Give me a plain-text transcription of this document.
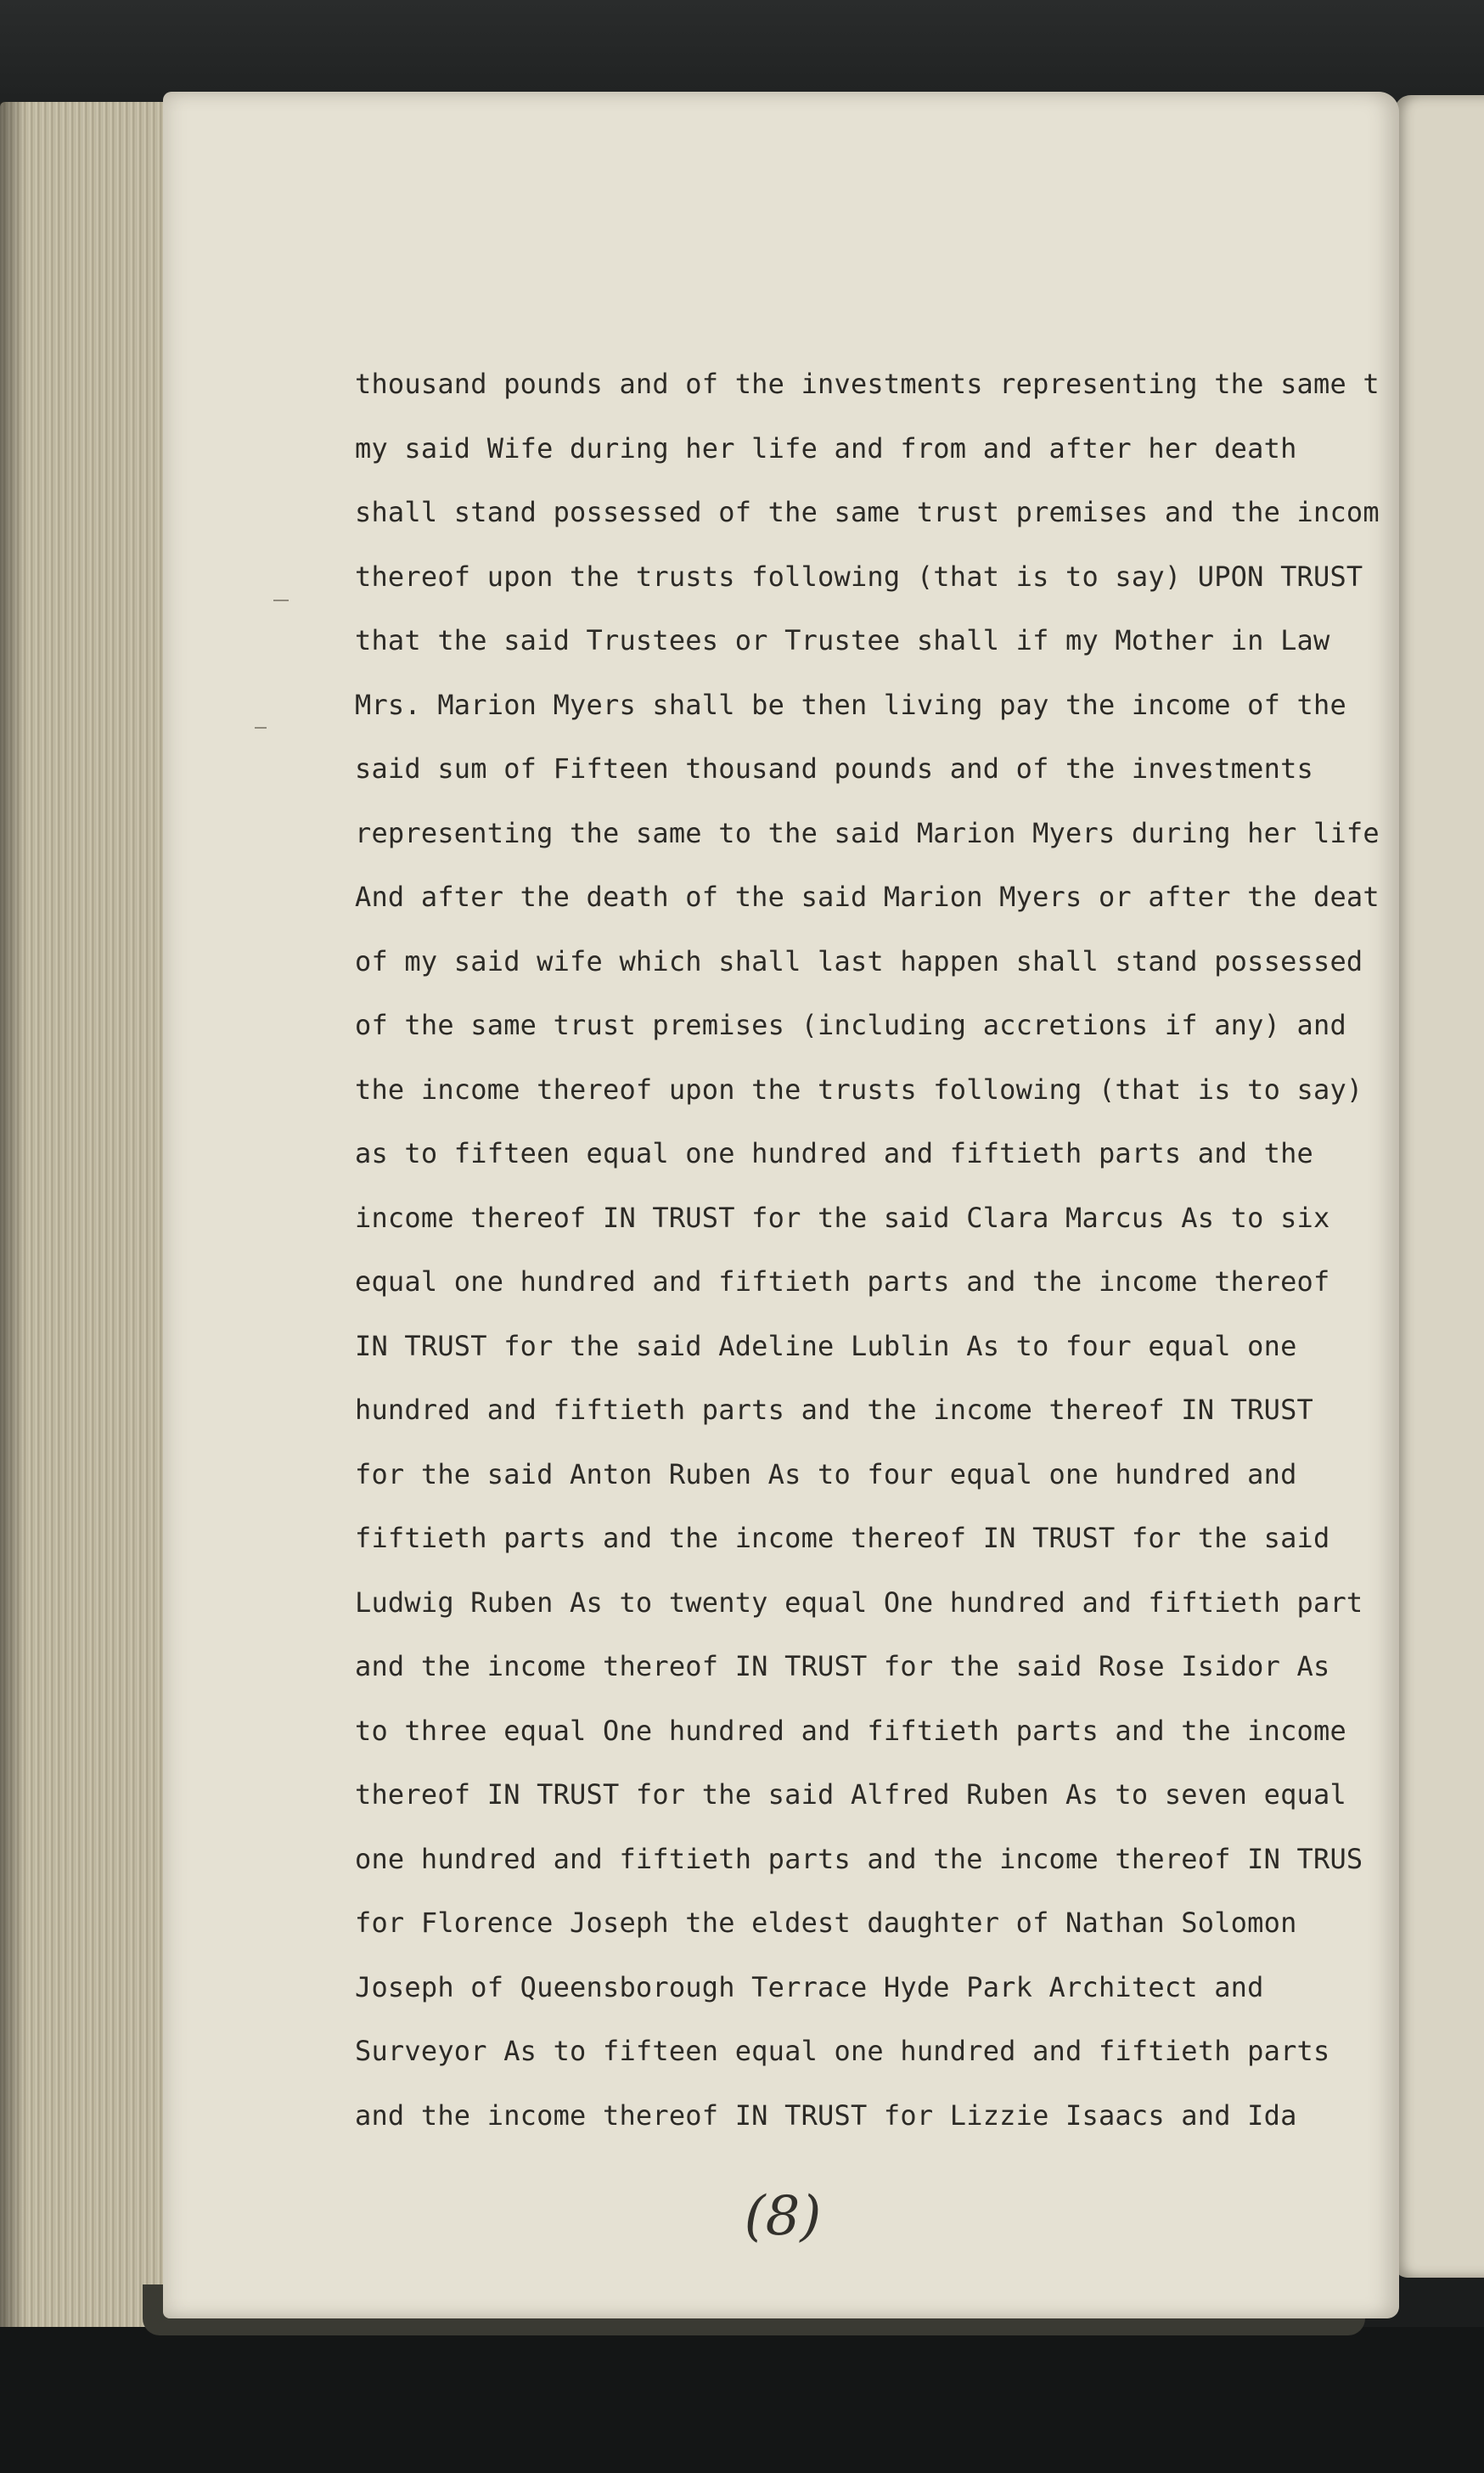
thousand pounds and of the investments representing the same t
my said Wife during her life and from and after her death
shall stand possessed of the same trust premises and the incom
thereof upon the trusts following (that is to say) UPON TRUST
that the said Trustees or Trustee shall if my Mother in Law
Mrs. Marion Myers shall be then living pay the income of the
said sum of Fifteen thousand pounds and of the investments
representing the same to the said Marion Myers during her life
And after the death of the said Marion Myers or after the deat
of my said wife which shall last happen shall stand possessed
of the same trust premises (including accretions if any) and
the income thereof upon the trusts following (that is to say)
as to fifteen equal one hundred and fiftieth parts and the
income thereof IN TRUST for the said Clara Marcus As to six
equal one hundred and fiftieth parts and the income thereof
IN TRUST for the said Adeline Lublin As to four equal one
hundred and fiftieth parts and the income thereof IN TRUST
for the said Anton Ruben As to four equal one hundred and
fiftieth parts and the income thereof IN TRUST for the said
Ludwig Ruben As to twenty equal One hundred and fiftieth part
and the income thereof IN TRUST for the said Rose Isidor As
to three equal One hundred and fiftieth parts and the income
thereof IN TRUST for the said Alfred Ruben As to seven equal
one hundred and fiftieth parts and the income thereof IN TRUS
for Florence Joseph the eldest daughter of Nathan Solomon
Joseph of Queensborough Terrace Hyde Park Architect and
Surveyor As to fifteen equal one hundred and fiftieth parts
and the income thereof IN TRUST for Lizzie Isaacs and Ida
(8)
